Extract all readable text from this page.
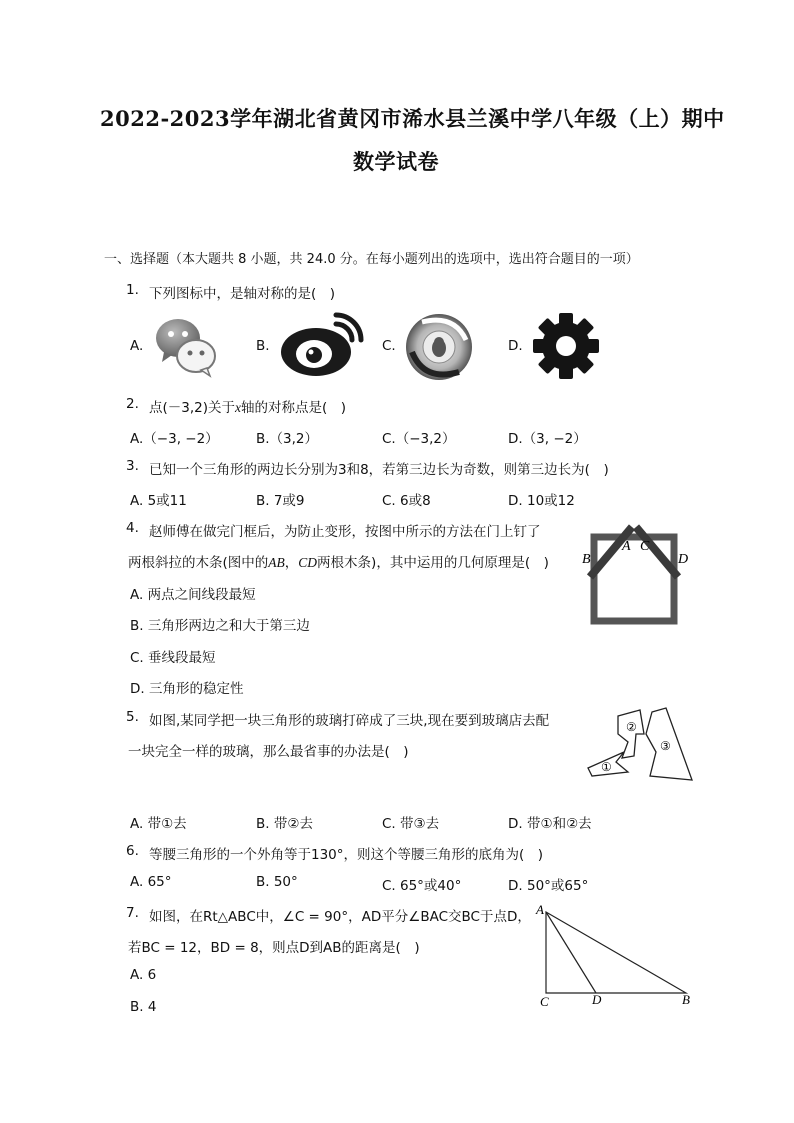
2022-2023学年湖北省黄冈市浠水县兰溪中学八年级（上）期中
数学试卷
一、选择题（本大题共 8 小题，共 24.0 分。在每小题列出的选项中，选出符合题目的一项）
1. 下列图标中，是轴对称的是(　)
A.	B.	C.	D.
2. 点(－3,2)关于x轴的对称点是(　)
A.（−3, −2）	B.（3,2）	C.（−3,2）	D.（3, −2）
3. 已知一个三角形的两边长分别为3和8，若第三边长为奇数，则第三边长为(　)
A. 5或11	B. 7或9	C. 6或8	D. 10或12
4. 赵师傅在做完门框后，为防止变形，按图中所示的方法在门上钉了
两根斜拉的木条(图中的AB，CD两根木条)，其中运用的几何原理是(　)
A. 两点之间线段最短
B. 三角形两边之和大于第三边
C. 垂线段最短
D. 三角形的稳定性
B
A C
D
5. 如图,某同学把一块三角形的玻璃打碎成了三块,现在要到玻璃店去配
一块完全一样的玻璃，那么最省事的办法是(　)
①
②
③
A. 带①去	B. 带②去	C. 带③去	D. 带①和②去
6. 等腰三角形的一个外角等于130°，则这个等腰三角形的底角为(　)
A. 65°	B. 50°	C. 65°或40°	D. 50°或65°
7. 如图，在Rt△ABC中，∠C = 90°，AD平分∠BAC交BC于点D，
若BC = 12，BD = 8，则点D到AB的距离是(　)
A. 6
B. 4
A
C	D	B
